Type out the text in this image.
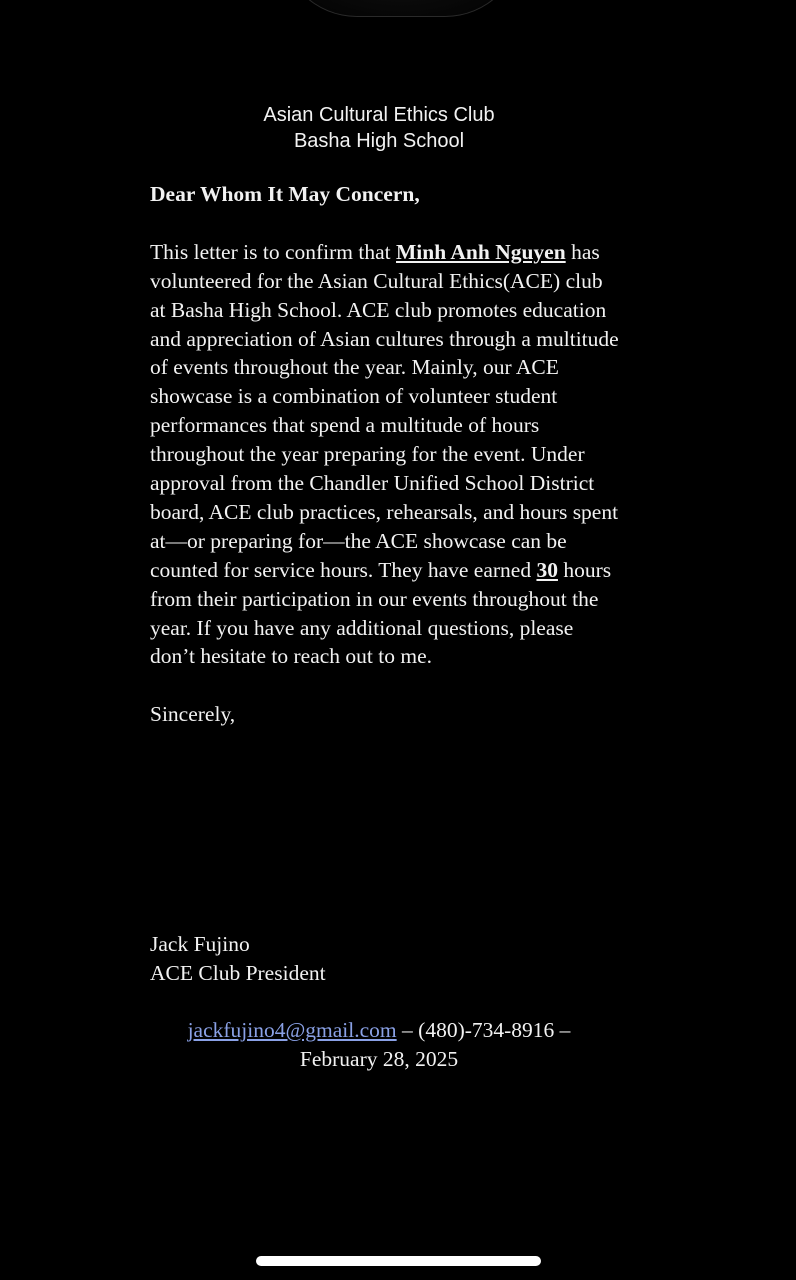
Asian Cultural Ethics Club
Basha High School

Dear Whom It May Concern,

This letter is to confirm that Minh Anh Nguyen has volunteered for the Asian Cultural Ethics(ACE) club at Basha High School. ACE club promotes education and appreciation of Asian cultures through a multitude of events throughout the year. Mainly, our ACE showcase is a combination of volunteer student performances that spend a multitude of hours throughout the year preparing for the event. Under approval from the Chandler Unified School District board, ACE club practices, rehearsals, and hours spent at—or preparing for—the ACE showcase can be counted for service hours. They have earned 30 hours from their participation in our events throughout the year. If you have any additional questions, please don’t hesitate to reach out to me.

Sincerely,

Jack Fujino
ACE Club President
jackfujino4@gmail.com – (480)-734-8916 –
February 28, 2025
